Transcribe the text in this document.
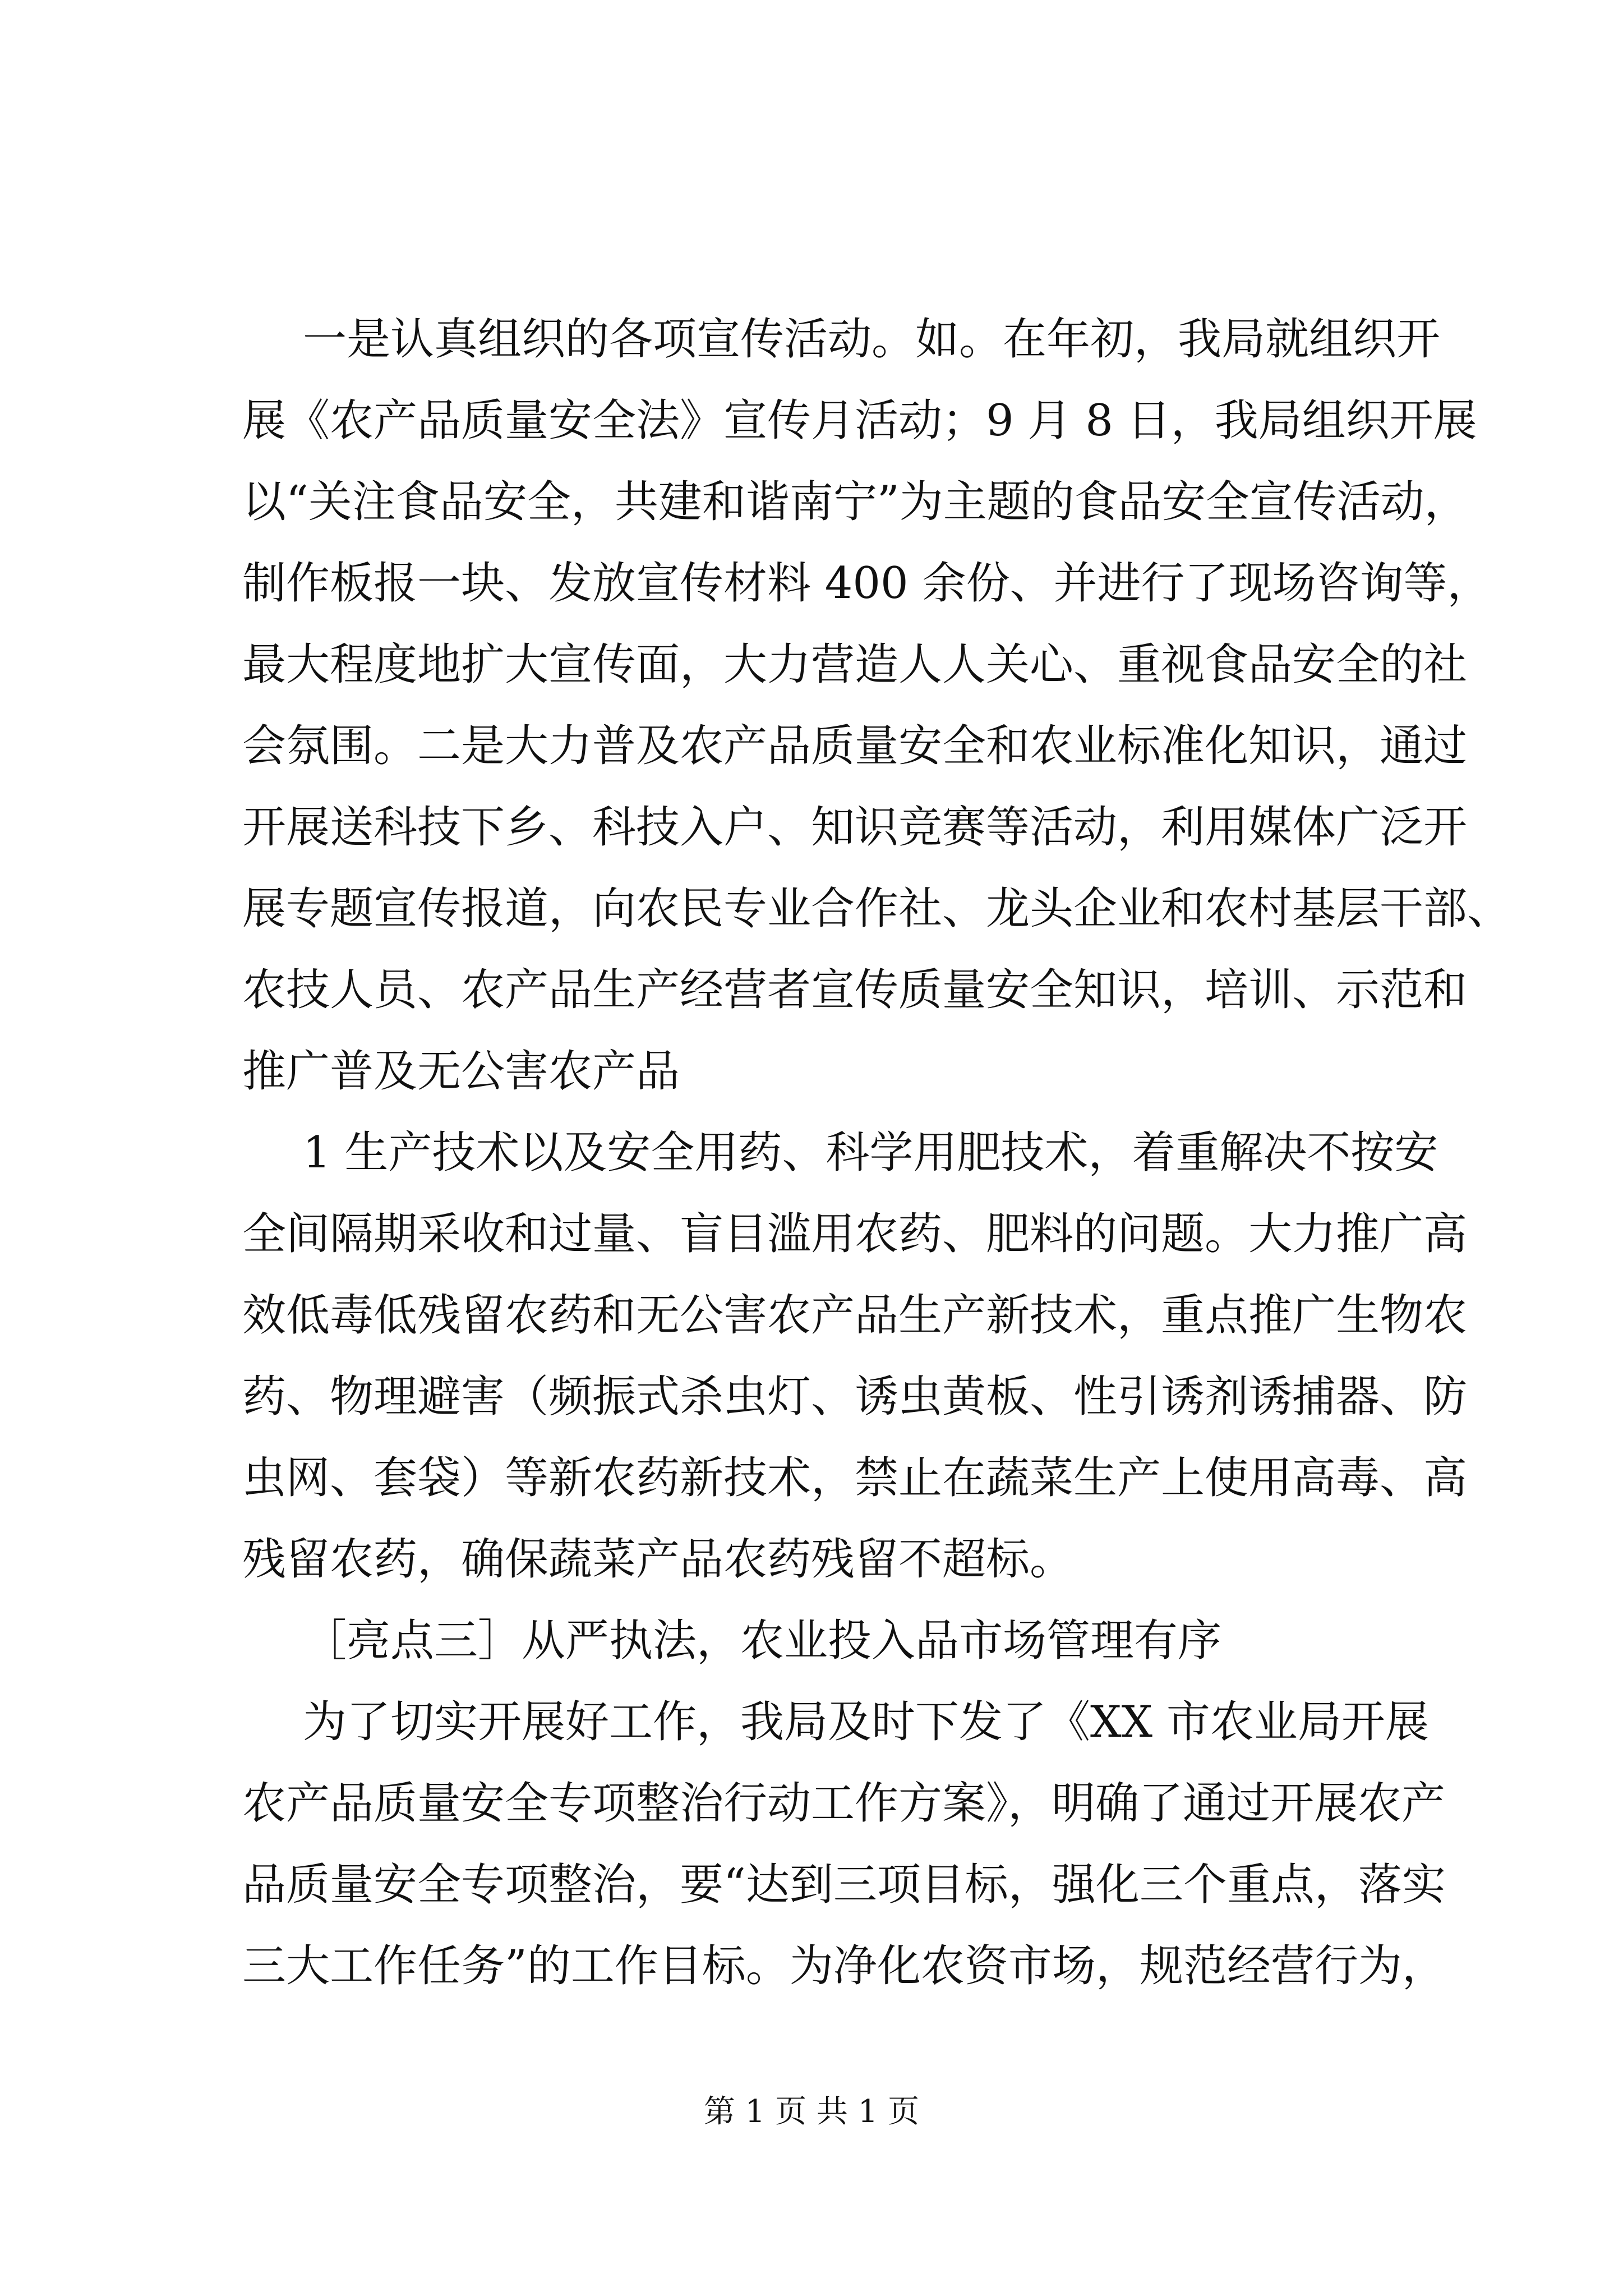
一是认真组织的各项宣传活动。如。在年初，我局就组织开
展《农产品质量安全法》宣传月活动；9 月 8 日，我局组织开展
以“关注食品安全，共建和谐南宁”为主题的食品安全宣传活动，
制作板报一块、发放宣传材料 400 余份、并进行了现场咨询等，
最大程度地扩大宣传面，大力营造人人关心、重视食品安全的社
会氛围。二是大力普及农产品质量安全和农业标准化知识，通过
开展送科技下乡、科技入户、知识竞赛等活动，利用媒体广泛开
展专题宣传报道，向农民专业合作社、龙头企业和农村基层干部、
农技人员、农产品生产经营者宣传质量安全知识，培训、示范和
推广普及无公害农产品
1 生产技术以及安全用药、科学用肥技术，着重解决不按安
全间隔期采收和过量、盲目滥用农药、肥料的问题。大力推广高
效低毒低残留农药和无公害农产品生产新技术，重点推广生物农
药、物理避害（频振式杀虫灯、诱虫黄板、性引诱剂诱捕器、防
虫网、套袋）等新农药新技术，禁止在蔬菜生产上使用高毒、高
残留农药，确保蔬菜产品农药残留不超标。
［亮点三］从严执法，农业投入品市场管理有序
为了切实开展好工作，我局及时下发了《XX 市农业局开展
农产品质量安全专项整治行动工作方案》，明确了通过开展农产
品质量安全专项整治，要“达到三项目标，强化三个重点，落实
三大工作任务”的工作目标。为净化农资市场，规范经营行为，
第 1 页 共 1 页
